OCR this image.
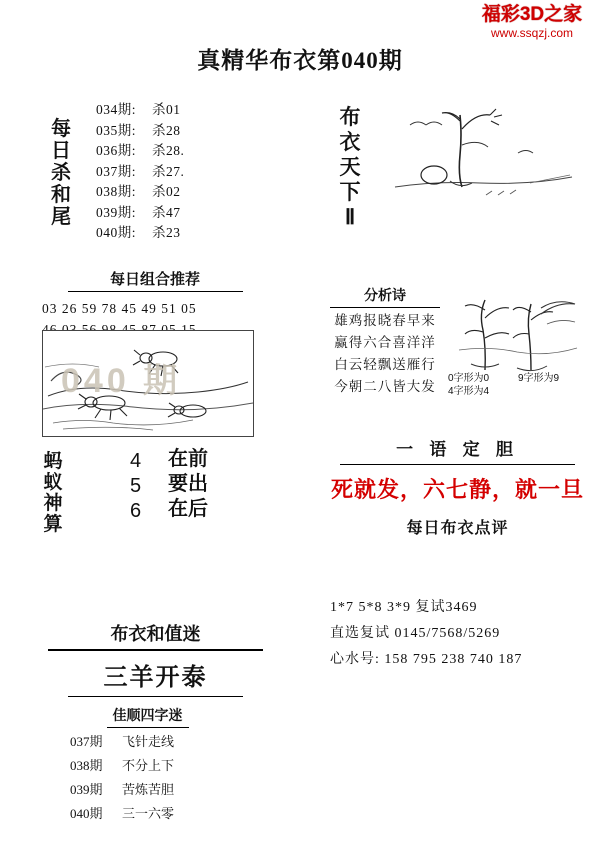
福彩3D之家
www.ssqzj.com
真精华布衣第040期
每日杀和尾
034期: 杀01
035期: 杀28
036期: 杀28.
037期: 杀27.
038期: 杀02
039期: 杀47
040期: 杀23
每日组合推荐
03 26 59 78 45 49 51 05
040 期
蚂蚁神算
4
5
6
在前
要出
在后
布衣和值迷
三羊开泰
佳顺四字迷
037期 飞针走线
038期 不分上下
039期 苦炼苦胆
040期 三一六零
布
衣
天
下
Ⅱ
分析诗
雄鸡报晓春早来
赢得六合喜洋洋
白云轻飘送雁行
今朝二八皆大发
0字形为0	9字形为9
4字形为4
一 语 定 胆
死就发，六七静，就一旦
每日布衣点评
1*7 5*8 3*9 复试3469
直选复试 0145/7568/5269
心水号: 158 795 238 740 187
